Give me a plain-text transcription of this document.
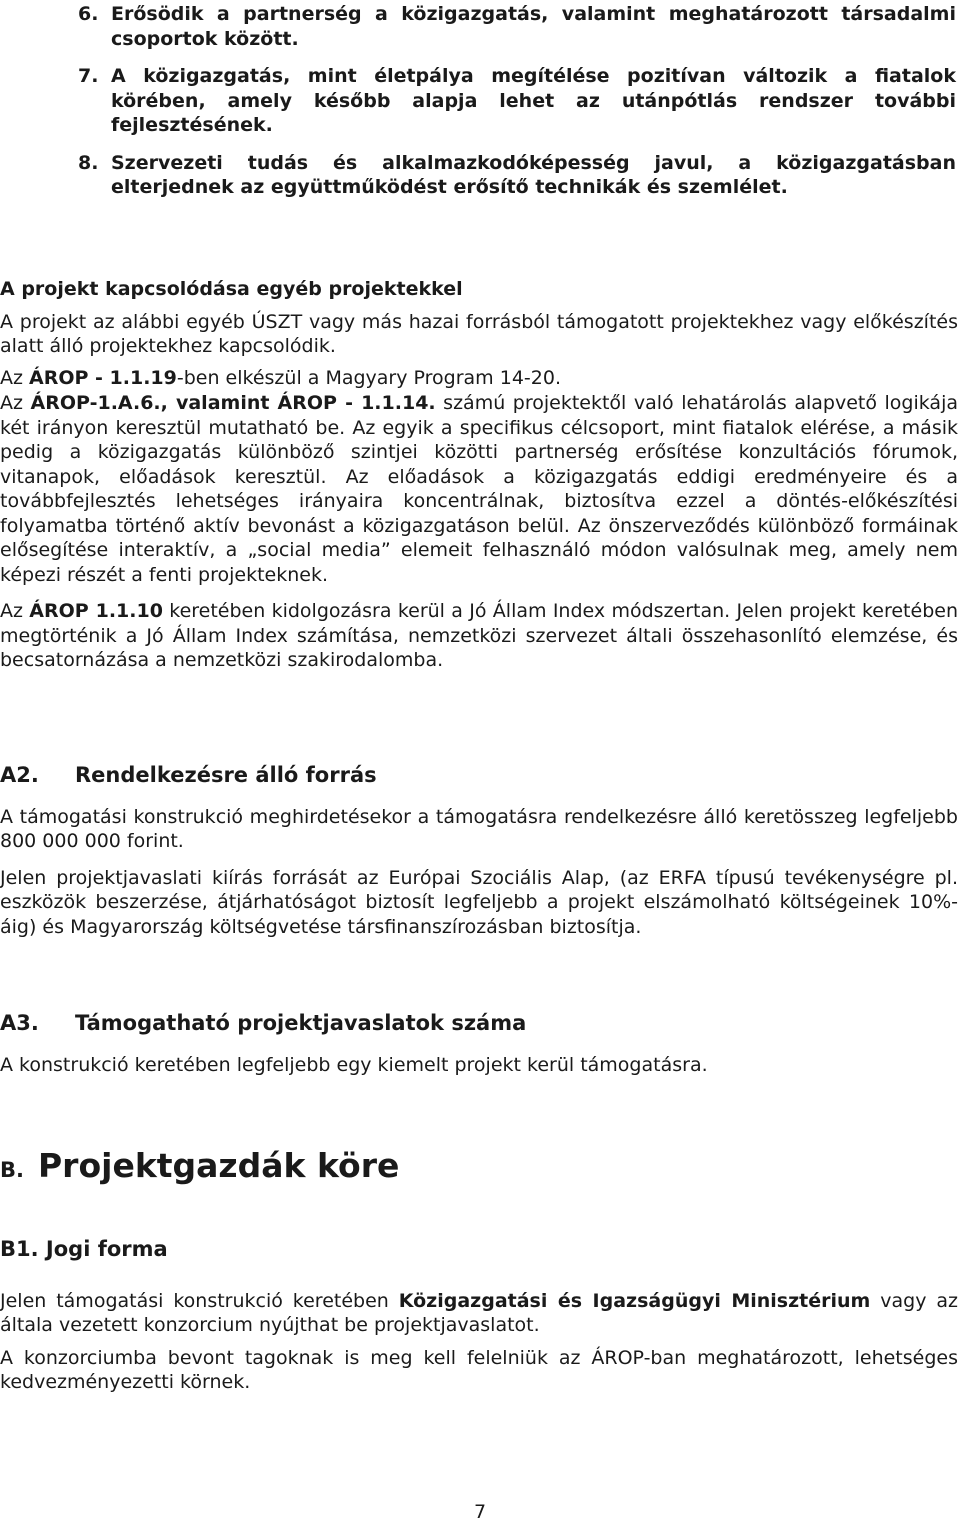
6. Erősödik a partnerség a közigazgatás, valamint meghatározott társadalmi csoportok között.
7. A közigazgatás, mint életpálya megítélése pozitívan változik a fiatalok körében, amely később alapja lehet az utánpótlás rendszer további fejlesztésének.
8. Szervezeti tudás és alkalmazkodóképesség javul, a közigazgatásban elterjednek az együttműködést erősítő technikák és szemlélet.

A projekt kapcsolódása egyéb projektekkel

A projekt az alábbi egyéb ÚSZT vagy más hazai forrásból támogatott projektekhez vagy előkészítés alatt álló projektekhez kapcsolódik.

Az ÁROP - 1.1.19-ben elkészül a Magyary Program 14-20.

Az ÁROP-1.A.6., valamint ÁROP - 1.1.14. számú projektektől való lehatárolás alapvető logikája két irányon keresztül mutatható be. Az egyik a specifikus célcsoport, mint fiatalok elérése, a másik pedig a közigazgatás különböző szintjei közötti partnerség erősítése konzultációs fórumok, vitanapok, előadások keresztül. Az előadások a közigazgatás eddigi eredményeire és a továbbfejlesztés lehetséges irányaira koncentrálnak, biztosítva ezzel a döntés-előkészítési folyamatba történő aktív bevonást a közigazgatáson belül. Az önszerveződés különböző formáinak elősegítése interaktív, a „social media” elemeit felhasználó módon valósulnak meg, amely nem képezi részét a fenti projekteknek.

Az ÁROP 1.1.10 keretében kidolgozásra kerül a Jó Állam Index módszertan. Jelen projekt keretében megtörténik a Jó Állam Index számítása, nemzetközi szervezet általi összehasonlító elemzése, és becsatornázása a nemzetközi szakirodalomba.

A2.	Rendelkezésre álló forrás

A támogatási konstrukció meghirdetésekor a támogatásra rendelkezésre álló keretösszeg legfeljebb 800 000 000 forint.

Jelen projektjavaslati kiírás forrását az Európai Szociális Alap, (az ERFA típusú tevékenységre pl. eszközök beszerzése, átjárhatóságot biztosít legfeljebb a projekt elszámolható költségeinek 10%-áig) és Magyarország költségvetése társfinanszírozásban biztosítja.

A3.	Támogatható projektjavaslatok száma

A konstrukció keretében legfeljebb egy kiemelt projekt kerül támogatásra.

B. Projektgazdák köre
B1. Jogi forma

Jelen támogatási konstrukció keretében Közigazgatási és Igazságügyi Minisztérium vagy az általa vezetett konzorcium nyújthat be projektjavaslatot.

A konzorciumba bevont tagoknak is meg kell felelniük az ÁROP-ban meghatározott, lehetséges kedvezményezetti körnek.

7
